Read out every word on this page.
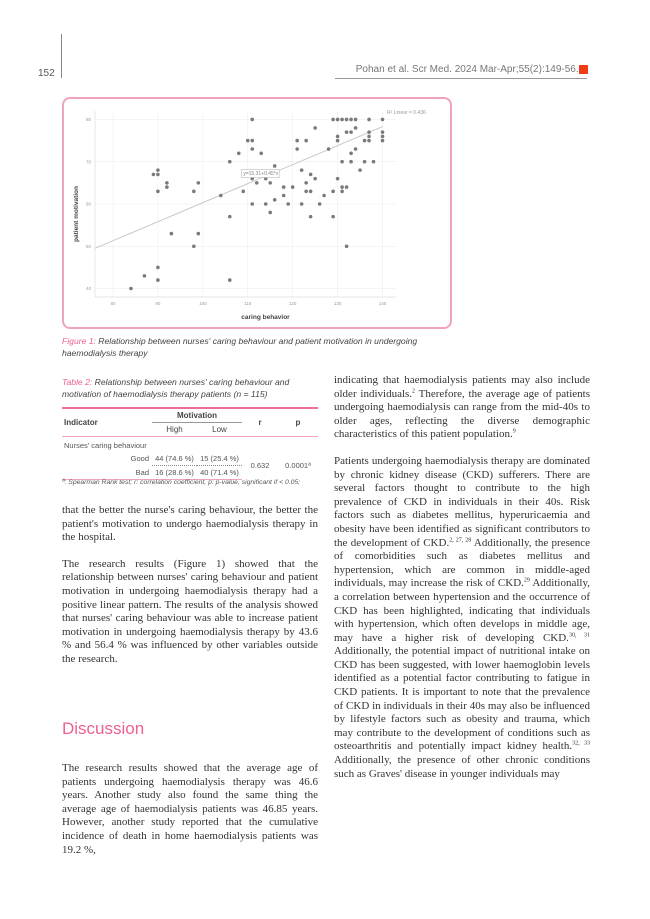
152	Pohan et al. Scr Med. 2024 Mar-Apr;55(2):149-56.
80	90	100	110	120	130	140
40
50
60
70
80
y=15.31+0.45*x
R² Linear = 0.436
caring behavior
patient motivation
Figure 1: Relationship between nurses' caring behaviour and patient motivation in undergoing haemodialysis therapy
Table 2: Relationship between nurses' caring behaviour and motivation of haemodialysis therapy patients (n = 115)

Indicator	Motivation		r	p
	High	Low		
Nurses' caring behaviour				
Good	44 (74.6 %)	15 (25.4 %)	0.632	0.0001ª
Bad	16 (28.6 %)	40 (71.4 %)		
ª: Spearman Rank test; r: correlation coefficient, p: p-value, significant if < 0.05;

that the better the nurse's caring behaviour, the better the patient's motivation to undergo haemodialysis therapy in the hospital.

The research results (Figure 1) showed that the relationship between nurses' caring behaviour and patient motivation in undergoing haemodialysis therapy had a positive linear pattern. The results of the analysis showed that nurses' caring behaviour was able to increase patient motivation in undergoing haemodialysis therapy by 43.6 % and 56.4 % was influenced by other variables outside the research.

Discussion

The research results showed that the average age of patients undergoing haemodialysis therapy was 46.6 years. Another study also found the same thing the average age of haemodialysis patients was 46.85 years. However, another study reported that the cumulative incidence of death in home haemodialysis patients was 19.2 %,

indicating that haemodialysis patients may also include older individuals.$^2$ Therefore, the average age of patients undergoing haemodialysis can range from the mid-40s to older ages, reflecting the diverse demographic characteristics of this patient population.$^9$

Patients undergoing haemodialysis therapy are dominated by chronic kidney disease (CKD) sufferers. There are several factors thought to contribute to the high prevalence of CKD in individuals in their 40s. Risk factors such as diabetes mellitus, hyperuricaemia and obesity have been identified as significant contributors to the development of CKD.$^{2, 27, 28}$ Additionally, the presence of comorbidities such as diabetes mellitus and hypertension, which are common in middle-aged individuals, may increase the risk of CKD.$^{29}$ Additionally, a correlation between hypertension and the occurrence of CKD has been highlighted, indicating that individuals with hypertension, which often develops in middle age, may have a higher risk of developing CKD.$^{30, 31}$ Additionally, the potential impact of nutritional intake on CKD has been suggested, with lower haemoglobin levels identified as a potential factor contributing to fatigue in CKD patients. It is important to note that the prevalence of CKD in individuals in their 40s may also be influenced by lifestyle factors such as obesity and trauma, which may contribute to the development of conditions such as osteoarthritis and potentially impact kidney health.$^{32, 33}$ Additionally, the presence of other chronic conditions such as Graves' disease in younger individuals may
